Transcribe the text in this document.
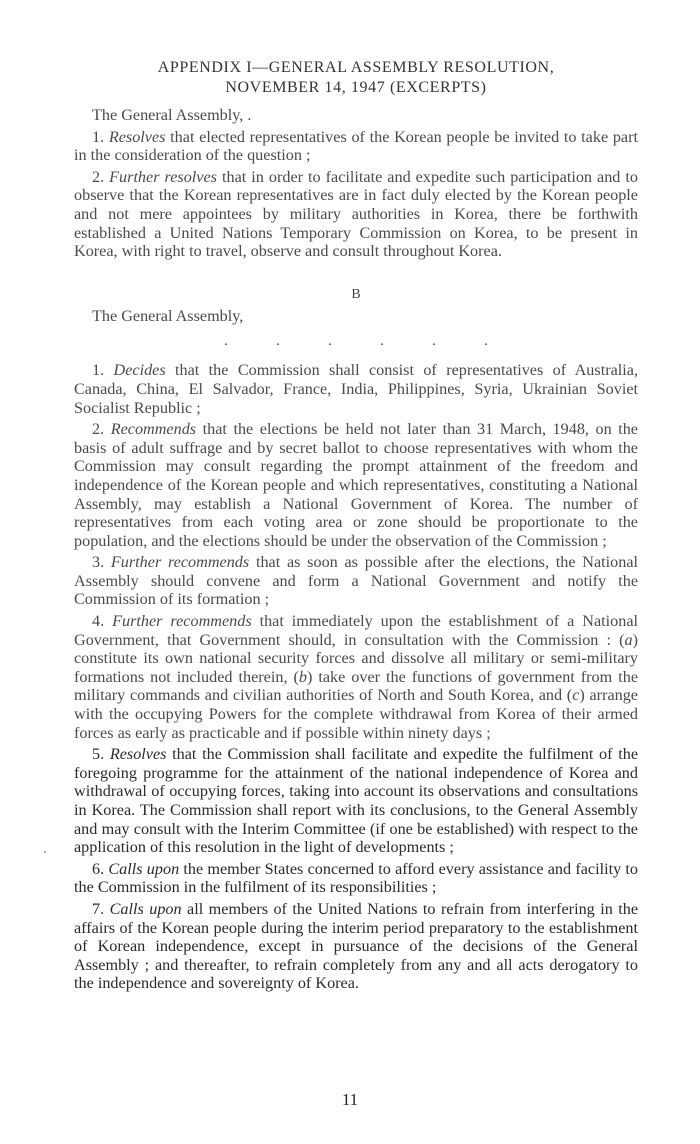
APPENDIX I—GENERAL ASSEMBLY RESOLUTION,
NOVEMBER 14, 1947 (EXCERPTS)

The General Assembly, .

1. Resolves that elected representatives of the Korean people be invited to take part in the consideration of the question ;

2. Further resolves that in order to facilitate and expedite such participation and to observe that the Korean representatives are in fact duly elected by the Korean people and not mere appointees by military authorities in Korea, there be forthwith established a United Nations Temporary Commission on Korea, to be present in Korea, with right to travel, observe and consult throughout Korea.

B

The General Assembly,

.	.	.	.	.	.

1. Decides that the Commission shall consist of representatives of Australia, Canada, China, El Salvador, France, India, Philippines, Syria, Ukrainian Soviet Socialist Republic ;

2. Recommends that the elections be held not later than 31 March, 1948, on the basis of adult suffrage and by secret ballot to choose representatives with whom the Commission may consult regarding the prompt attainment of the freedom and independence of the Korean people and which representatives, constituting a National Assembly, may establish a National Government of Korea. The number of representatives from each voting area or zone should be proportionate to the population, and the elections should be under the observation of the Commission ;

3. Further recommends that as soon as possible after the elections, the National Assembly should convene and form a National Government and notify the Commission of its formation ;

4. Further recommends that immediately upon the establishment of a National Government, that Government should, in consultation with the Commission : (a) constitute its own national security forces and dissolve all military or semi-military formations not included therein, (b) take over the functions of government from the military commands and civilian authorities of North and South Korea, and (c) arrange with the occupying Powers for the complete withdrawal from Korea of their armed forces as early as practicable and if possible within ninety days ;

5. Resolves that the Commission shall facilitate and expedite the fulfilment of the foregoing programme for the attainment of the national independence of Korea and withdrawal of occupying forces, taking into account its observations and consultations in Korea. The Commission shall report with its conclusions, to the General Assembly and may consult with the Interim Committee (if one be established) with respect to the application of this resolution in the light of developments ;

6. Calls upon the member States concerned to afford every assistance and facility to the Commission in the fulfilment of its responsibilities ;

7. Calls upon all members of the United Nations to refrain from interfering in the affairs of the Korean people during the interim period preparatory to the establishment of Korean independence, except in pursuance of the decisions of the General Assembly ; and thereafter, to refrain completely from any and all acts derogatory to the independence and sovereignty of Korea.

11
